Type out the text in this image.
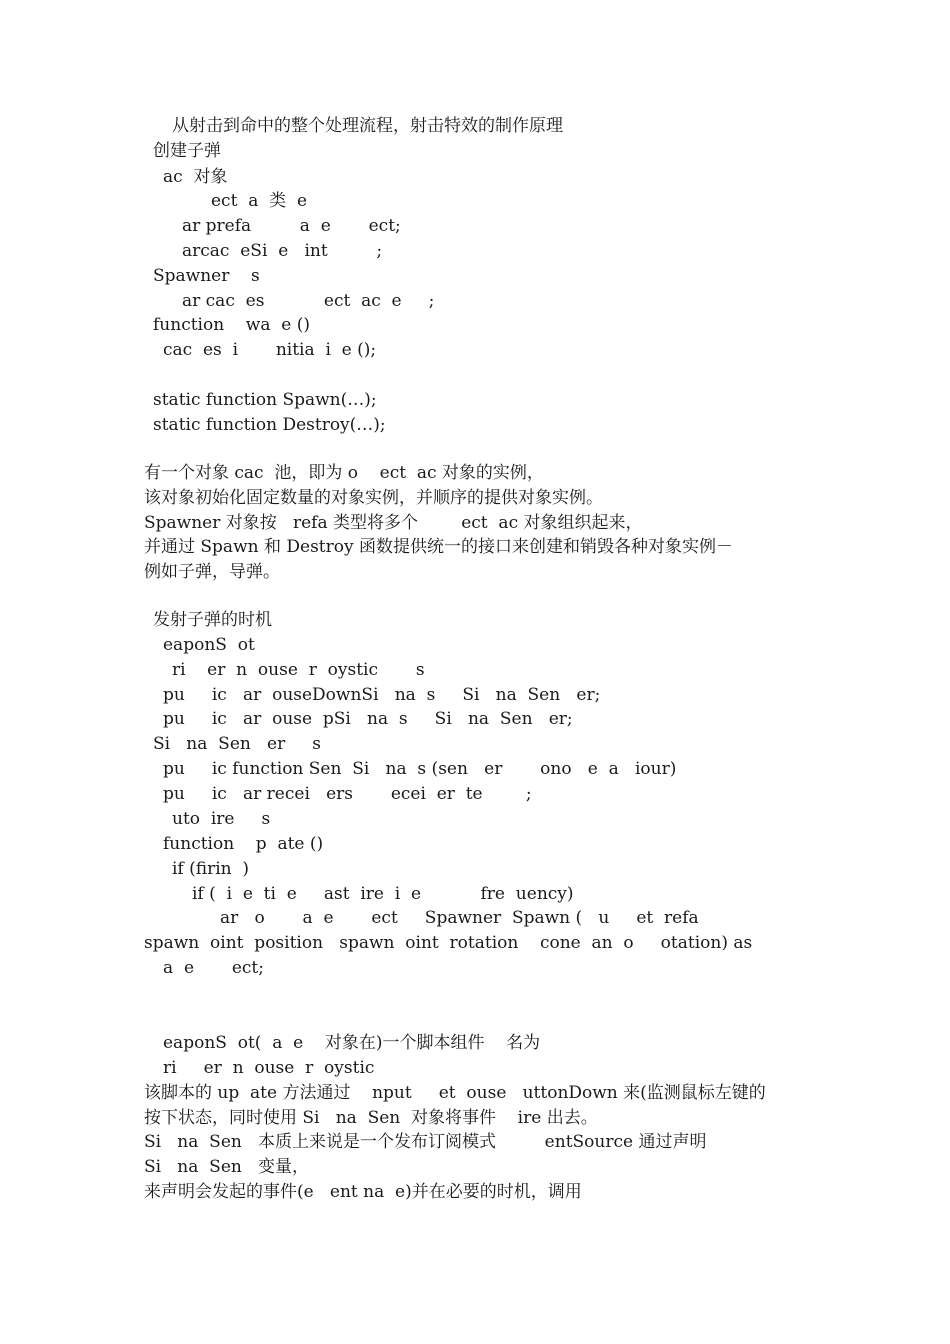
从射击到命中的整个处理流程，射击特效的制作原理

创建子弹

ac  对象

ect  a  类  e

ar prefa         a  e       ect;

arcac  eSi  e   int         ;

Spawner    s

ar cac  es           ect  ac  e     ;

function    wa  e ()

cac  es  i       nitia  i  e ();

static function Spawn(…);

static function Destroy(…);

有一个对象 cac  池，即为 o    ect  ac 对象的实例，

该对象初始化固定数量的对象实例，并顺序的提供对象实例。

Spawner 对象按   refa 类型将多个        ect  ac 对象组织起来，

并通过 Spawn 和 Destroy 函数提供统一的接口来创建和销毁各种对象实例－

例如子弹，导弹。

发射子弹的时机

eaponS  ot

ri    er  n  ouse  r  oystic       s

pu     ic   ar  ouseDownSi   na  s     Si   na  Sen   er;

pu     ic   ar  ouse  pSi   na  s     Si   na  Sen   er;

Si   na  Sen   er     s

pu     ic function Sen  Si   na  s (sen   er       ono   e  a   iour)

pu     ic   ar recei   ers       ecei  er  te        ;

uto  ire     s

function    p  ate ()

if (firin  )

if (  i  e  ti  e     ast  ire  i  e           fre  uency)

ar   o       a  e       ect     Spawner  Spawn (   u     et  refa

spawn  oint  position   spawn  oint  rotation    cone  an  o     otation) as

a  e       ect;

eaponS  ot(  a  e    对象在)一个脚本组件    名为

ri     er  n  ouse  r  oystic

该脚本的 up  ate 方法通过    nput     et  ouse   uttonDown 来(监测鼠标左键的

按下状态，同时使用 Si   na  Sen  对象将事件    ire 出去。

Si   na  Sen   本质上来说是一个发布订阅模式         entSource 通过声明

Si   na  Sen   变量，

来声明会发起的事件(e   ent na  e)并在必要的时机，调用
